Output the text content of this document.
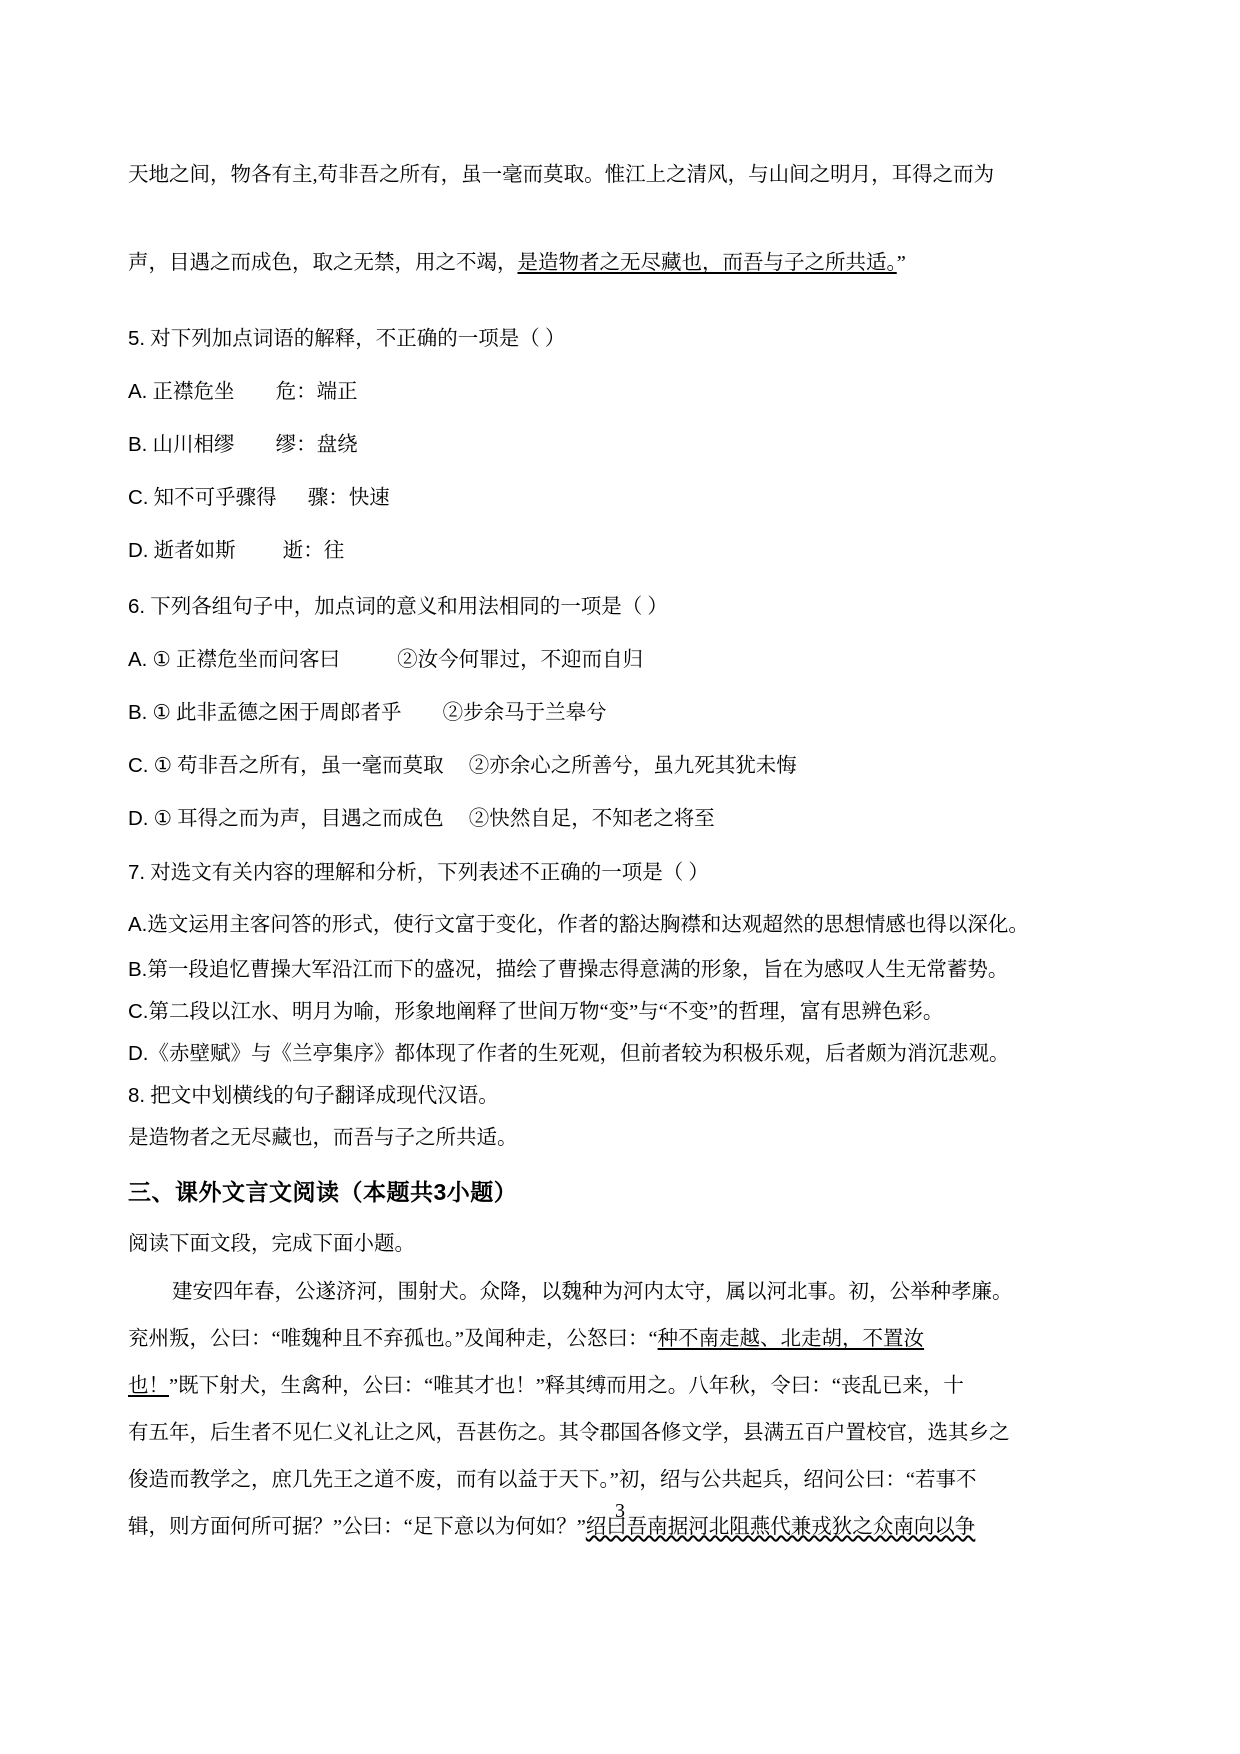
天地之间，物各有主,苟非吾之所有，虽一毫而莫取。惟江上之清风，与山间之明月，耳得之而为
声，目遇之而成色，取之无禁，用之不竭，是造物者之无尽藏也，而吾与子之所共适。”
5. 对下列加点词语的解释，不正确的一项是（ ）
A. 正襟危坐 危：端正
B. 山川相缪 缪：盘绕
C. 知不可乎骤得 骤：快速
D. 逝者如斯 逝：往
6. 下列各组句子中，加点词的意义和用法相同的一项是（ ）
A. ① 正襟危坐而问客曰	②汝今何罪过，不迎而自归
B. ① 此非孟德之困于周郎者乎 ②步余马于兰皋兮
C. ① 苟非吾之所有，虽一毫而莫取 ②亦余心之所善兮，虽九死其犹未悔
D. ① 耳得之而为声，目遇之而成色 ②快然自足，不知老之将至
7. 对选文有关内容的理解和分析，下列表述不正确的一项是（ ）
A.选文运用主客问答的形式，使行文富于变化，作者的豁达胸襟和达观超然的思想情感也得以深化。
B.第一段追忆曹操大军沿江而下的盛况，描绘了曹操志得意满的形象，旨在为感叹人生无常蓄势。
C.第二段以江水、明月为喻，形象地阐释了世间万物“变”与“不变”的哲理，富有思辨色彩。
D.《赤壁赋》与《兰亭集序》都体现了作者的生死观，但前者较为积极乐观，后者颇为消沉悲观。
8. 把文中划横线的句子翻译成现代汉语。
是造物者之无尽藏也，而吾与子之所共适。
三、课外文言文阅读（本题共3小题）
阅读下面文段，完成下面小题。
建安四年春，公遂济河，围射犬。众降，以魏种为河内太守，属以河北事。初，公举种孝廉。
兖州叛，公曰：“唯魏种且不弃孤也。”及闻种走，公怒曰：“种不南走越、北走胡，不置汝
也！”既下射犬，生禽种，公曰：“唯其才也！”释其缚而用之。八年秋，令曰：“丧乱已来，十
有五年，后生者不见仁义礼让之风，吾甚伤之。其令郡国各修文学，县满五百户置校官，选其乡之
俊造而教学之，庶几先王之道不废，而有以益于天下。”初，绍与公共起兵，绍问公曰：“若事不
辑，则方面何所可据？”公曰：“足下意以为何如？”绍曰吾南据河北阻燕代兼戎狄之众南向以争
3
